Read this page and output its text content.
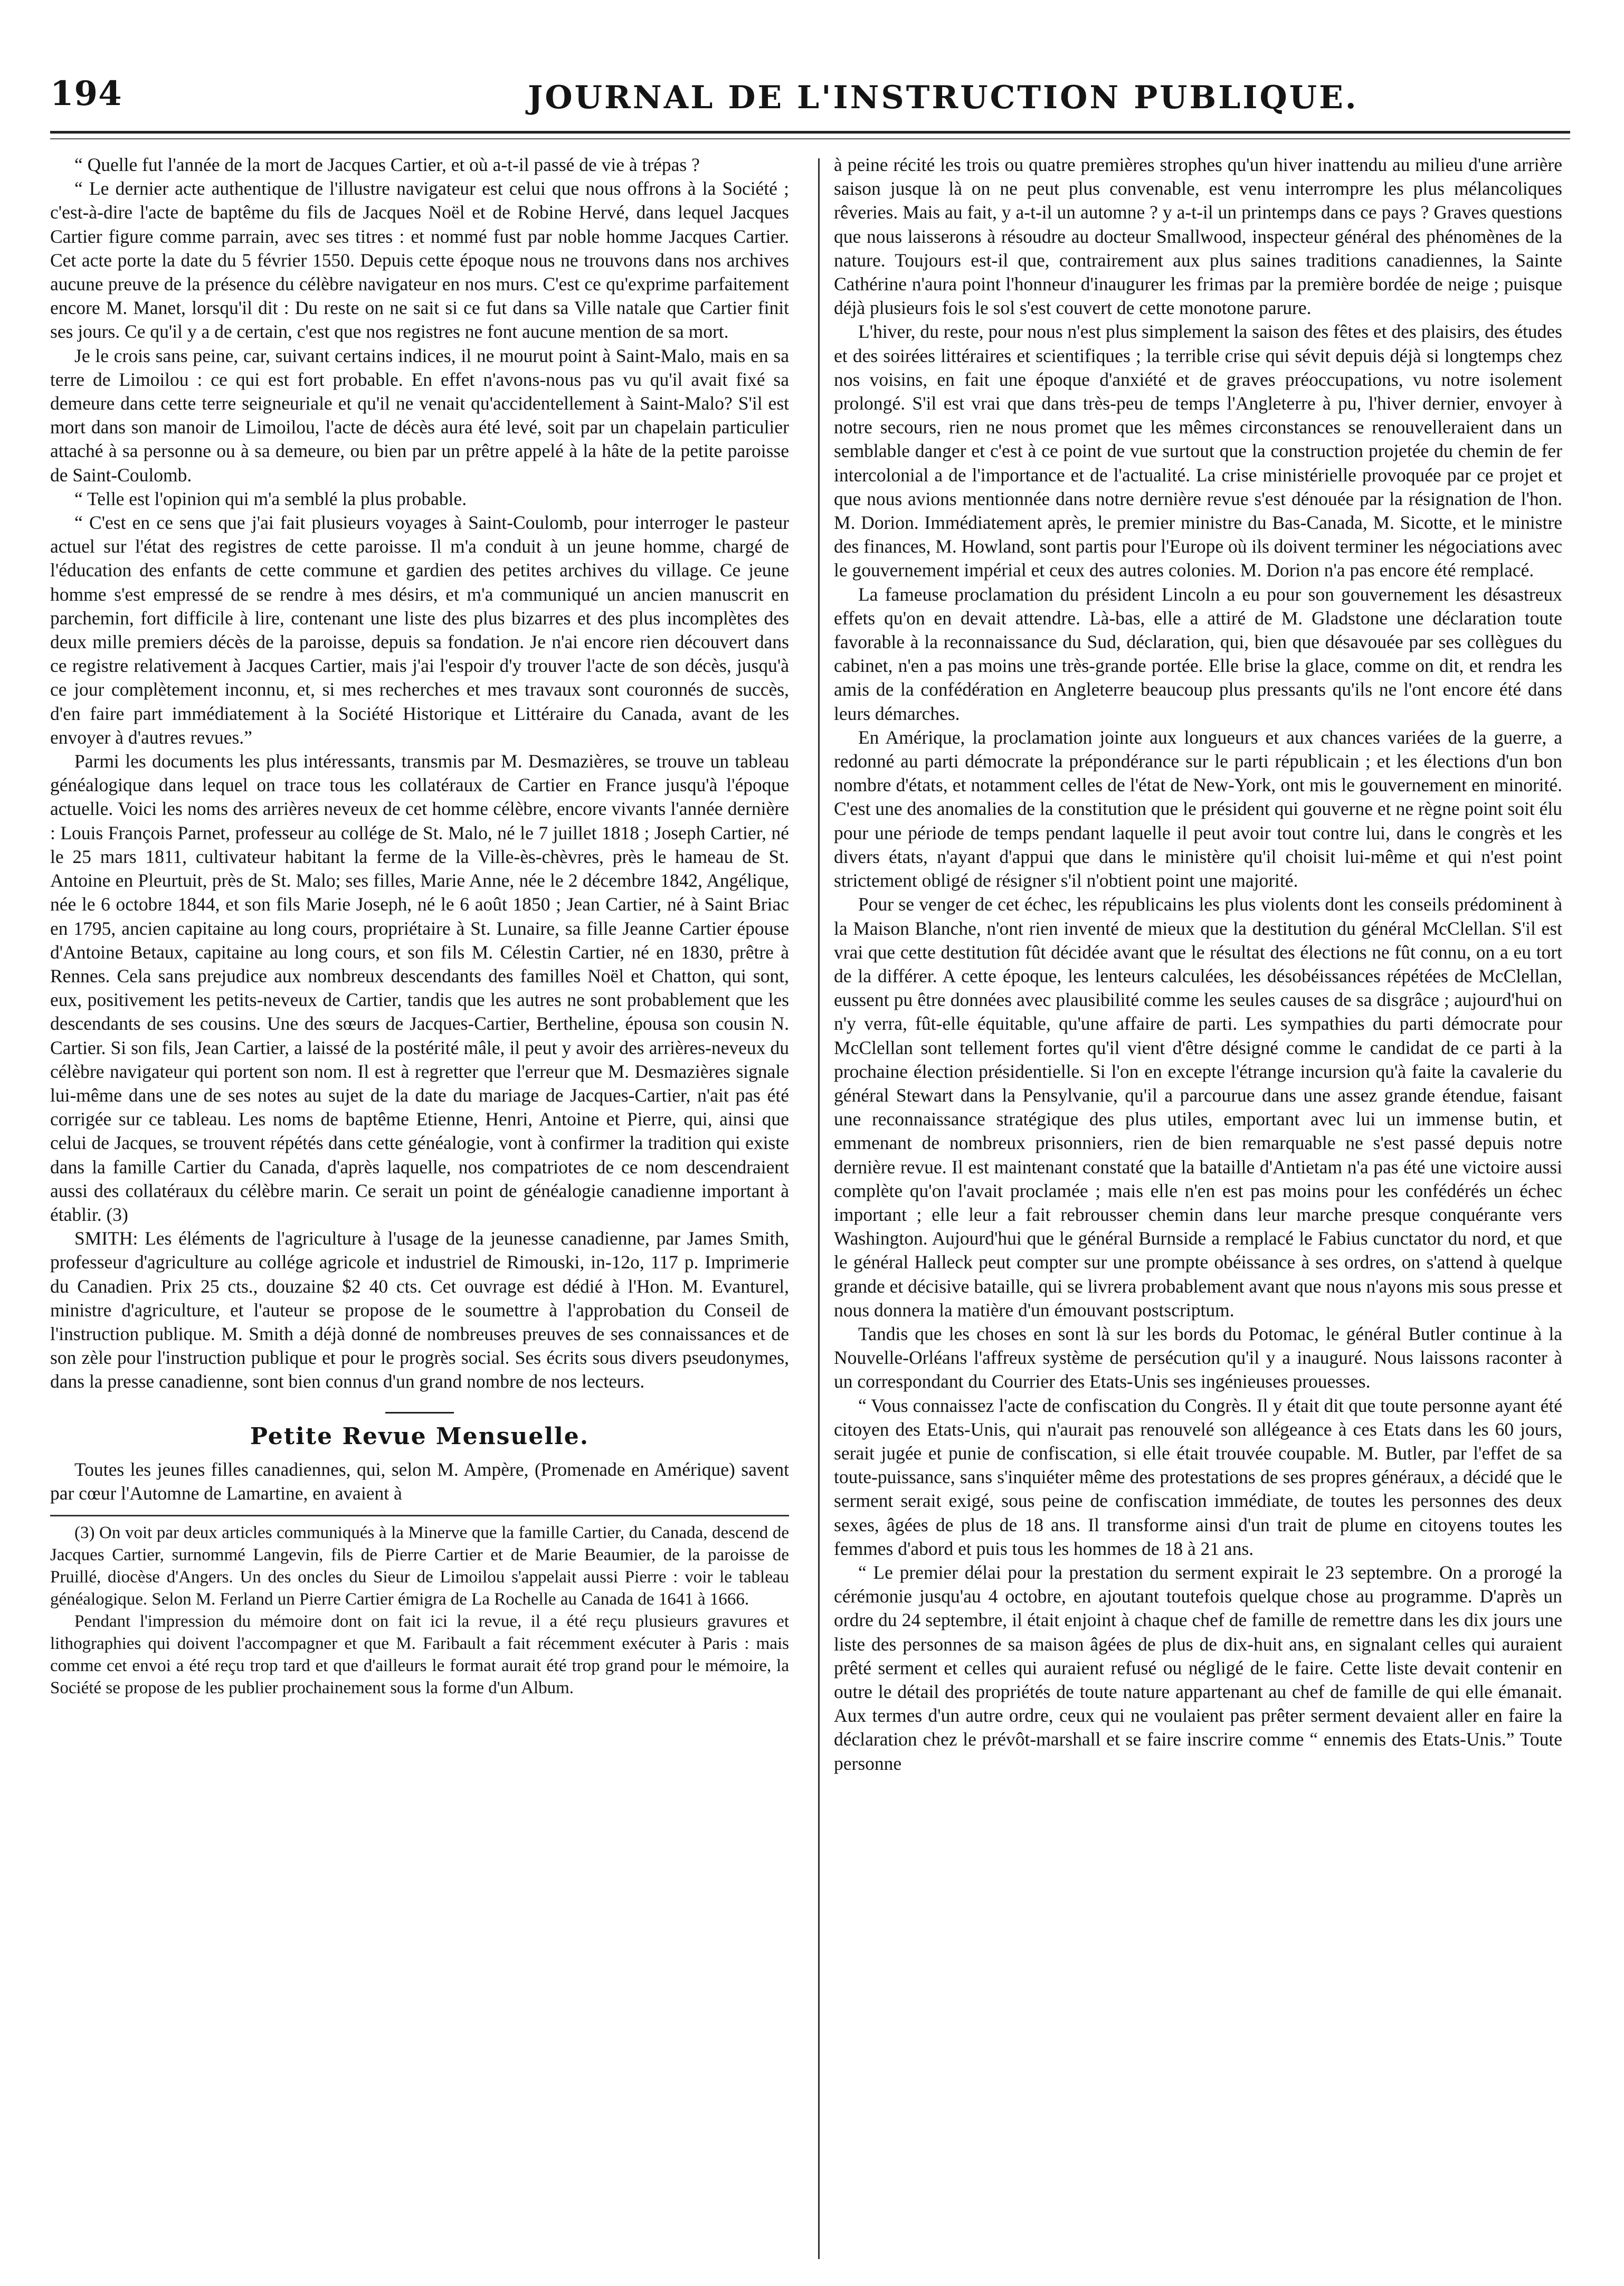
194	JOURNAL DE L'INSTRUCTION PUBLIQUE.

“ Quelle fut l'année de la mort de Jacques Cartier, et où a-t-il passé de vie à trépas ?

“ Le dernier acte authentique de l'illustre navigateur est celui que nous offrons à la Société ; c'est-à-dire l'acte de baptême du fils de Jacques Noël et de Robine Hervé, dans lequel Jacques Cartier figure comme parrain, avec ses titres : et nommé fust par noble homme Jacques Cartier. Cet acte porte la date du 5 février 1550. Depuis cette époque nous ne trouvons dans nos archives aucune preuve de la présence du célèbre navigateur en nos murs. C'est ce qu'exprime parfaitement encore M. Manet, lorsqu'il dit : Du reste on ne sait si ce fut dans sa Ville natale que Cartier finit ses jours. Ce qu'il y a de certain, c'est que nos registres ne font aucune mention de sa mort.

Je le crois sans peine, car, suivant certains indices, il ne mourut point à Saint-Malo, mais en sa terre de Limoilou : ce qui est fort probable. En effet n'avons-nous pas vu qu'il avait fixé sa demeure dans cette terre seigneuriale et qu'il ne venait qu'accidentellement à Saint-Malo? S'il est mort dans son manoir de Limoilou, l'acte de décès aura été levé, soit par un chapelain particulier attaché à sa personne ou à sa demeure, ou bien par un prêtre appelé à la hâte de la petite paroisse de Saint-Coulomb.

“ Telle est l'opinion qui m'a semblé la plus probable.

“ C'est en ce sens que j'ai fait plusieurs voyages à Saint-Coulomb, pour interroger le pasteur actuel sur l'état des registres de cette paroisse. Il m'a conduit à un jeune homme, chargé de l'éducation des enfants de cette commune et gardien des petites archives du village. Ce jeune homme s'est empressé de se rendre à mes désirs, et m'a communiqué un ancien manuscrit en parchemin, fort difficile à lire, contenant une liste des plus bizarres et des plus incomplètes des deux mille premiers décès de la paroisse, depuis sa fondation. Je n'ai encore rien découvert dans ce registre relativement à Jacques Cartier, mais j'ai l'espoir d'y trouver l'acte de son décès, jusqu'à ce jour complètement inconnu, et, si mes recherches et mes travaux sont couronnés de succès, d'en faire part immédiatement à la Société Historique et Littéraire du Canada, avant de les envoyer à d'autres revues.”

Parmi les documents les plus intéressants, transmis par M. Desmazières, se trouve un tableau généalogique dans lequel on trace tous les collatéraux de Cartier en France jusqu'à l'époque actuelle. Voici les noms des arrières neveux de cet homme célèbre, encore vivants l'année dernière : Louis François Parnet, professeur au collége de St. Malo, né le 7 juillet 1818 ; Joseph Cartier, né le 25 mars 1811, cultivateur habitant la ferme de la Ville-ès-chèvres, près le hameau de St. Antoine en Pleurtuit, près de St. Malo; ses filles, Marie Anne, née le 2 décembre 1842, Angélique, née le 6 octobre 1844, et son fils Marie Joseph, né le 6 août 1850 ; Jean Cartier, né à Saint Briac en 1795, ancien capitaine au long cours, propriétaire à St. Lunaire, sa fille Jeanne Cartier épouse d'Antoine Betaux, capitaine au long cours, et son fils M. Célestin Cartier, né en 1830, prêtre à Rennes. Cela sans prejudice aux nombreux descendants des familles Noël et Chatton, qui sont, eux, positivement les petits-neveux de Cartier, tandis que les autres ne sont probablement que les descendants de ses cousins. Une des sœurs de Jacques-Cartier, Bertheline, épousa son cousin N. Cartier. Si son fils, Jean Cartier, a laissé de la postérité mâle, il peut y avoir des arrières-neveux du célèbre navigateur qui portent son nom. Il est à regretter que l'erreur que M. Desmazières signale lui-même dans une de ses notes au sujet de la date du mariage de Jacques-Cartier, n'ait pas été corrigée sur ce tableau. Les noms de baptême Etienne, Henri, Antoine et Pierre, qui, ainsi que celui de Jacques, se trouvent répétés dans cette généalogie, vont à confirmer la tradition qui existe dans la famille Cartier du Canada, d'après laquelle, nos compatriotes de ce nom descendraient aussi des collatéraux du célèbre marin. Ce serait un point de généalogie canadienne important à établir. (3)

SMITH: Les éléments de l'agriculture à l'usage de la jeunesse canadienne, par James Smith, professeur d'agriculture au collége agricole et industriel de Rimouski, in-12o, 117 p. Imprimerie du Canadien. Prix 25 cts., douzaine $2 40 cts. Cet ouvrage est dédié à l'Hon. M. Evanturel, ministre d'agriculture, et l'auteur se propose de le soumettre à l'approbation du Conseil de l'instruction publique. M. Smith a déjà donné de nombreuses preuves de ses connaissances et de son zèle pour l'instruction publique et pour le progrès social. Ses écrits sous divers pseudonymes, dans la presse canadienne, sont bien connus d'un grand nombre de nos lecteurs.

Petite Revue Mensuelle.

Toutes les jeunes filles canadiennes, qui, selon M. Ampère, (Promenade en Amérique) savent par cœur l'Automne de Lamartine, en avaient à

(3) On voit par deux articles communiqués à la Minerve que la famille Cartier, du Canada, descend de Jacques Cartier, surnommé Langevin, fils de Pierre Cartier et de Marie Beaumier, de la paroisse de Pruillé, diocèse d'Angers. Un des oncles du Sieur de Limoilou s'appelait aussi Pierre : voir le tableau généalogique. Selon M. Ferland un Pierre Cartier émigra de La Rochelle au Canada de 1641 à 1666.

Pendant l'impression du mémoire dont on fait ici la revue, il a été reçu plusieurs gravures et lithographies qui doivent l'accompagner et que M. Faribault a fait récemment exécuter à Paris : mais comme cet envoi a été reçu trop tard et que d'ailleurs le format aurait été trop grand pour le mémoire, la Société se propose de les publier prochainement sous la forme d'un Album.

à peine récité les trois ou quatre premières strophes qu'un hiver inattendu au milieu d'une arrière saison jusque là on ne peut plus convenable, est venu interrompre les plus mélancoliques rêveries. Mais au fait, y a-t-il un automne ? y a-t-il un printemps dans ce pays ? Graves questions que nous laisserons à résoudre au docteur Smallwood, inspecteur général des phénomènes de la nature. Toujours est-il que, contrairement aux plus saines traditions canadiennes, la Sainte Cathérine n'aura point l'honneur d'inaugurer les frimas par la première bordée de neige ; puisque déjà plusieurs fois le sol s'est couvert de cette monotone parure.

L'hiver, du reste, pour nous n'est plus simplement la saison des fêtes et des plaisirs, des études et des soirées littéraires et scientifiques ; la terrible crise qui sévit depuis déjà si longtemps chez nos voisins, en fait une époque d'anxiété et de graves préoccupations, vu notre isolement prolongé. S'il est vrai que dans très-peu de temps l'Angleterre à pu, l'hiver dernier, envoyer à notre secours, rien ne nous promet que les mêmes circonstances se renouvelleraient dans un semblable danger et c'est à ce point de vue surtout que la construction projetée du chemin de fer intercolonial a de l'importance et de l'actualité. La crise ministérielle provoquée par ce projet et que nous avions mentionnée dans notre dernière revue s'est dénouée par la résignation de l'hon. M. Dorion. Immédiatement après, le premier ministre du Bas-Canada, M. Sicotte, et le ministre des finances, M. Howland, sont partis pour l'Europe où ils doivent terminer les négociations avec le gouvernement impérial et ceux des autres colonies. M. Dorion n'a pas encore été remplacé.

La fameuse proclamation du président Lincoln a eu pour son gouvernement les désastreux effets qu'on en devait attendre. Là-bas, elle a attiré de M. Gladstone une déclaration toute favorable à la reconnaissance du Sud, déclaration, qui, bien que désavouée par ses collègues du cabinet, n'en a pas moins une très-grande portée. Elle brise la glace, comme on dit, et rendra les amis de la confédération en Angleterre beaucoup plus pressants qu'ils ne l'ont encore été dans leurs démarches.

En Amérique, la proclamation jointe aux longueurs et aux chances variées de la guerre, a redonné au parti démocrate la prépondérance sur le parti républicain ; et les élections d'un bon nombre d'états, et notamment celles de l'état de New-York, ont mis le gouvernement en minorité. C'est une des anomalies de la constitution que le président qui gouverne et ne règne point soit élu pour une période de temps pendant laquelle il peut avoir tout contre lui, dans le congrès et les divers états, n'ayant d'appui que dans le ministère qu'il choisit lui-même et qui n'est point strictement obligé de résigner s'il n'obtient point une majorité.

Pour se venger de cet échec, les républicains les plus violents dont les conseils prédominent à la Maison Blanche, n'ont rien inventé de mieux que la destitution du général McClellan. S'il est vrai que cette destitution fût décidée avant que le résultat des élections ne fût connu, on a eu tort de la différer. A cette époque, les lenteurs calculées, les désobéissances répétées de McClellan, eussent pu être données avec plausibilité comme les seules causes de sa disgrâce ; aujourd'hui on n'y verra, fût-elle équitable, qu'une affaire de parti. Les sympathies du parti démocrate pour McClellan sont tellement fortes qu'il vient d'être désigné comme le candidat de ce parti à la prochaine élection présidentielle. Si l'on en excepte l'étrange incursion qu'à faite la cavalerie du général Stewart dans la Pensylvanie, qu'il a parcourue dans une assez grande étendue, faisant une reconnaissance stratégique des plus utiles, emportant avec lui un immense butin, et emmenant de nombreux prisonniers, rien de bien remarquable ne s'est passé depuis notre dernière revue. Il est maintenant constaté que la bataille d'Antietam n'a pas été une victoire aussi complète qu'on l'avait proclamée ; mais elle n'en est pas moins pour les confédérés un échec important ; elle leur a fait rebrousser chemin dans leur marche presque conquérante vers Washington. Aujourd'hui que le général Burnside a remplacé le Fabius cunctator du nord, et que le général Halleck peut compter sur une prompte obéissance à ses ordres, on s'attend à quelque grande et décisive bataille, qui se livrera probablement avant que nous n'ayons mis sous presse et nous donnera la matière d'un émouvant postscriptum.

Tandis que les choses en sont là sur les bords du Potomac, le général Butler continue à la Nouvelle-Orléans l'affreux système de persécution qu'il y a inauguré. Nous laissons raconter à un correspondant du Courrier des Etats-Unis ses ingénieuses prouesses.

“ Vous connaissez l'acte de confiscation du Congrès. Il y était dit que toute personne ayant été citoyen des Etats-Unis, qui n'aurait pas renouvelé son allégeance à ces Etats dans les 60 jours, serait jugée et punie de confiscation, si elle était trouvée coupable. M. Butler, par l'effet de sa toute-puissance, sans s'inquiéter même des protestations de ses propres généraux, a décidé que le serment serait exigé, sous peine de confiscation immédiate, de toutes les personnes des deux sexes, âgées de plus de 18 ans. Il transforme ainsi d'un trait de plume en citoyens toutes les femmes d'abord et puis tous les hommes de 18 à 21 ans.

“ Le premier délai pour la prestation du serment expirait le 23 septembre. On a prorogé la cérémonie jusqu'au 4 octobre, en ajoutant toutefois quelque chose au programme. D'après un ordre du 24 septembre, il était enjoint à chaque chef de famille de remettre dans les dix jours une liste des personnes de sa maison âgées de plus de dix-huit ans, en signalant celles qui auraient prêté serment et celles qui auraient refusé ou négligé de le faire. Cette liste devait contenir en outre le détail des propriétés de toute nature appartenant au chef de famille de qui elle émanait. Aux termes d'un autre ordre, ceux qui ne voulaient pas prêter serment devaient aller en faire la déclaration chez le prévôt-marshall et se faire inscrire comme “ ennemis des Etats-Unis.” Toute personne
